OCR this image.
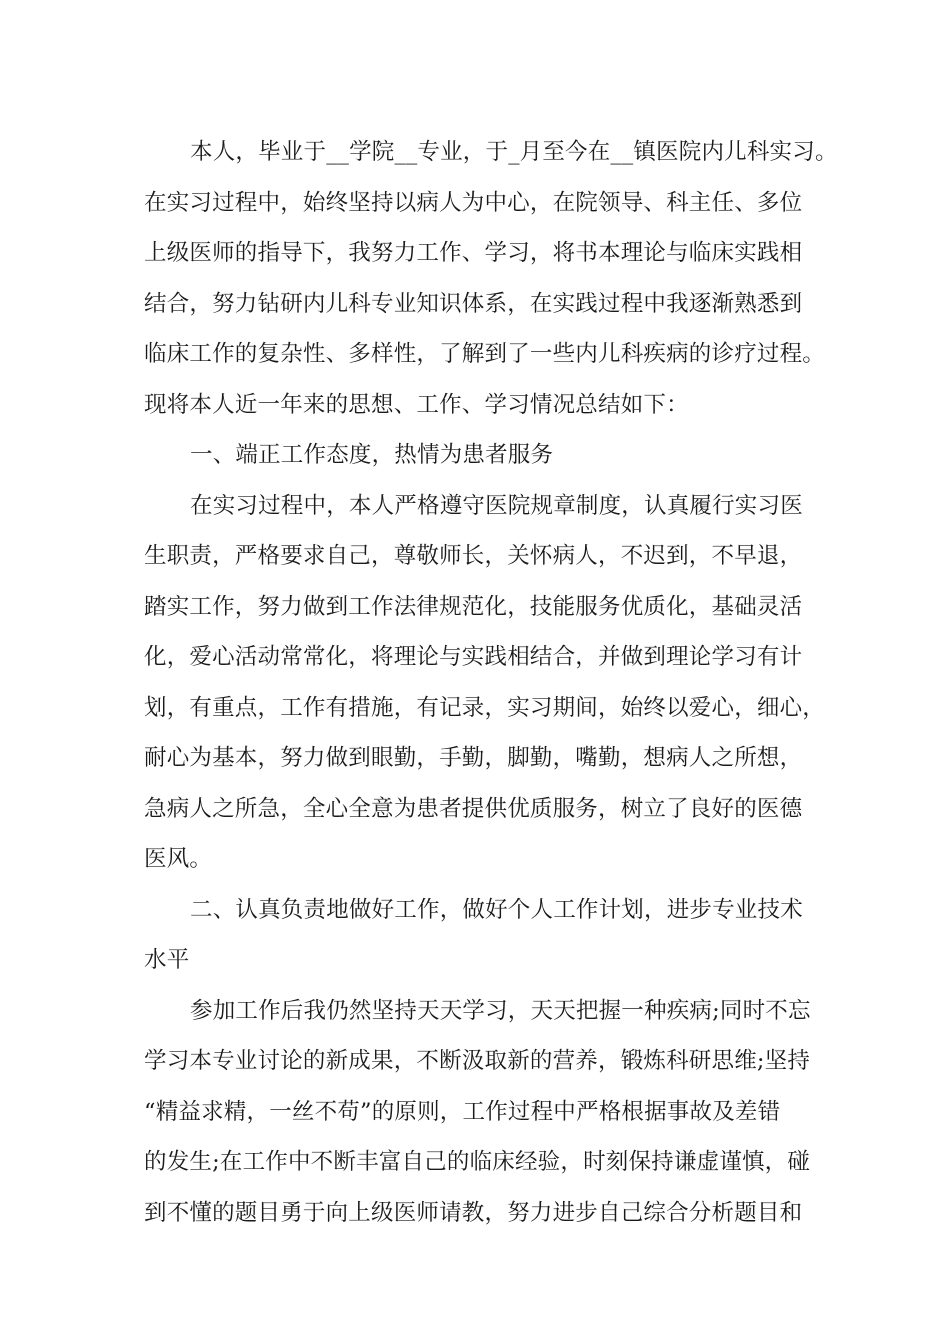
本人，毕业于__学院__专业，于_月至今在__镇医院内儿科实习。
在实习过程中，始终坚持以病人为中心，在院领导、科主任、多位
上级医师的指导下，我努力工作、学习，将书本理论与临床实践相
结合，努力钻研内儿科专业知识体系，在实践过程中我逐渐熟悉到
临床工作的复杂性、多样性，了解到了一些内儿科疾病的诊疗过程。
现将本人近一年来的思想、工作、学习情况总结如下：
一、端正工作态度，热情为患者服务
在实习过程中，本人严格遵守医院规章制度，认真履行实习医
生职责，严格要求自己，尊敬师长，关怀病人，不迟到，不早退，
踏实工作，努力做到工作法律规范化，技能服务优质化，基础灵活
化，爱心活动常常化，将理论与实践相结合，并做到理论学习有计
划，有重点，工作有措施，有记录，实习期间，始终以爱心，细心，
耐心为基本，努力做到眼勤，手勤，脚勤，嘴勤，想病人之所想，
急病人之所急，全心全意为患者提供优质服务，树立了良好的医德
医风。
二、认真负责地做好工作，做好个人工作计划，进步专业技术
水平
参加工作后我仍然坚持天天学习，天天把握一种疾病;同时不忘
学习本专业讨论的新成果，不断汲取新的营养，锻炼科研思维;坚持
“精益求精，一丝不苟”的原则，工作过程中严格根据事故及差错
的发生;在工作中不断丰富自己的临床经验，时刻保持谦虚谨慎，碰
到不懂的题目勇于向上级医师请教，努力进步自己综合分析题目和
